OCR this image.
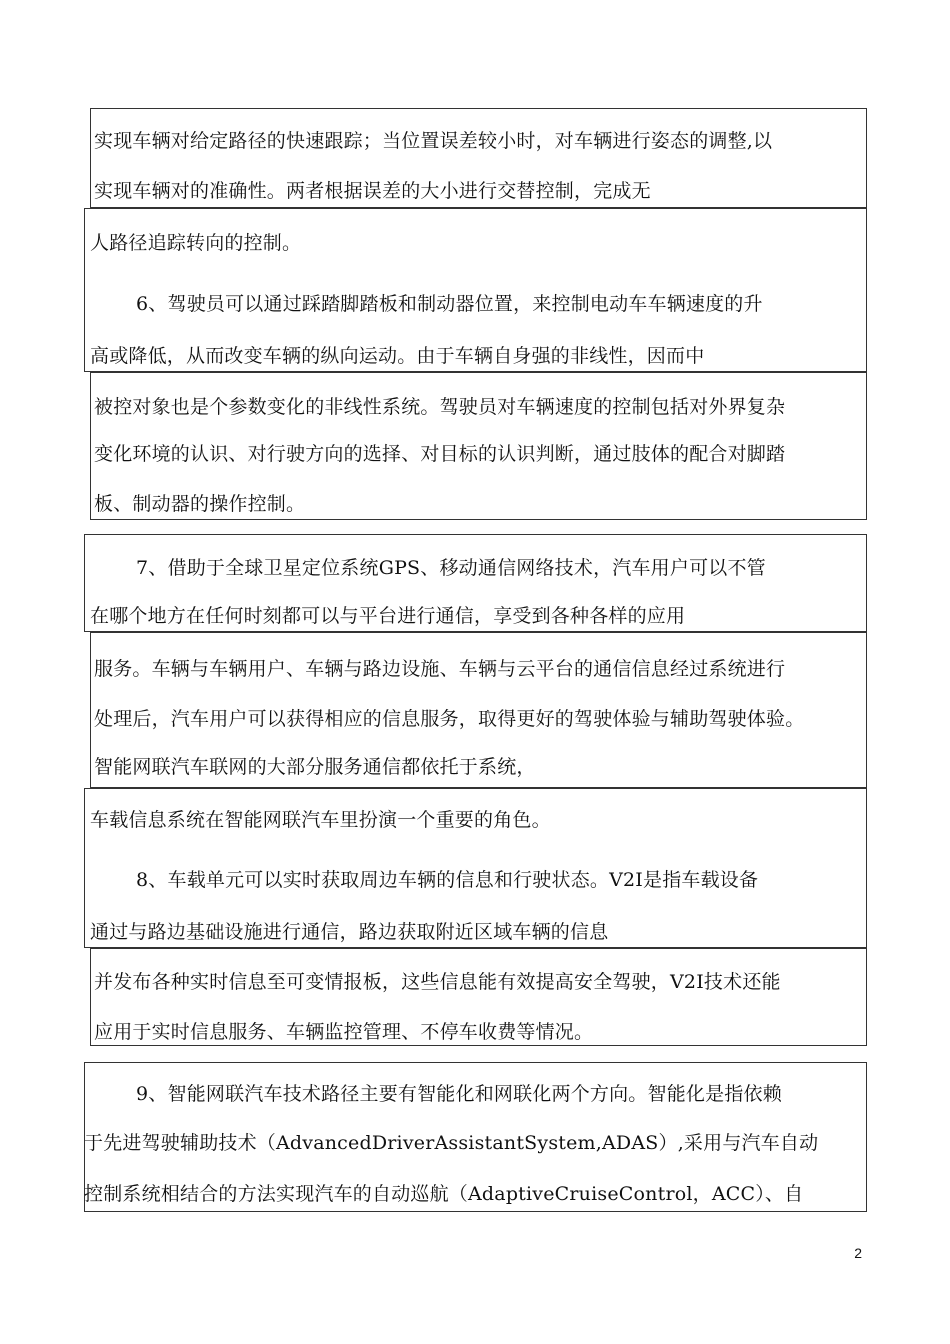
实现车辆对给定路径的快速跟踪；当位置误差较小时，对车辆进行姿态的调整,以
实现车辆对的准确性。两者根据误差的大小进行交替控制，完成无
人路径追踪转向的控制。
6、驾驶员可以通过踩踏脚踏板和制动器位置，来控制电动车车辆速度的升
高或降低，从而改变车辆的纵向运动。由于车辆自身强的非线性，因而中
被控对象也是个参数变化的非线性系统。驾驶员对车辆速度的控制包括对外界复杂
变化环境的认识、对行驶方向的选择、对目标的认识判断，通过肢体的配合对脚踏
板、制动器的操作控制。
7、借助于全球卫星定位系统GPS、移动通信网络技术，汽车用户可以不管
在哪个地方在任何时刻都可以与平台进行通信，享受到各种各样的应用
服务。车辆与车辆用户、车辆与路边设施、车辆与云平台的通信信息经过系统进行
处理后，汽车用户可以获得相应的信息服务，取得更好的驾驶体验与辅助驾驶体验。
智能网联汽车联网的大部分服务通信都依托于系统，
车载信息系统在智能网联汽车里扮演一个重要的角色。
8、车载单元可以实时获取周边车辆的信息和行驶状态。V2I是指车载设备
通过与路边基础设施进行通信，路边获取附近区域车辆的信息
并发布各种实时信息至可变情报板，这些信息能有效提高安全驾驶，V2I技术还能
应用于实时信息服务、车辆监控管理、不停车收费等情况。
9、智能网联汽车技术路径主要有智能化和网联化两个方向。智能化是指依赖
于先进驾驶辅助技术（AdvancedDriverAssistantSystem,ADAS）,采用与汽车自动
控制系统相结合的方法实现汽车的自动巡航（AdaptiveCruiseControl，ACC）、自
2
